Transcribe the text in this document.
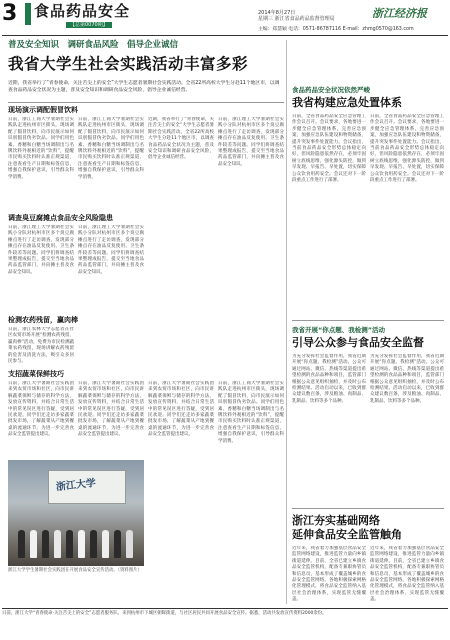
3	食品药品安全
【总第0070期】
2014年8月27日
星期三 浙江省食品药品监督管理局	浙江经济报
主编：郑慧颖 电话：0571-86787116 E-mail：zhmg0570@163.com
普及安全知识　调研食品风险　倡导企业诚信
我省大学生社会实践活动丰富多彩
近期，我省举行了“青春使命，关注舌尖上的安全”大学生志愿者暑期社会实践活动。全省22所高校大学生分赴11个地区市，以调查食品药品安全状况为主题，普及安全知识和调研食品安全风险，倡导企业诚信经营。
现场演示调配假冒饮料
日前，浙江工商大学暑期社会实践队走进杭州市区街头，现场调配了假冒饮料，向市民演示如何识别假冒伪劣饮品。同学们用色素、香精和白糖当场调制出与名牌饮料外观相近的“饮料”，提醒市民购买饮料时认准正规渠道，注意查看生产日期和标签信息，增强自我保护意识，引导群众科学消费。
日前，浙江工商大学暑期社会实践队走进杭州市区街头，现场调配了假冒饮料，向市民演示如何识别假冒伪劣饮品。同学们用色素、香精和白糖当场调制出与名牌饮料外观相近的“饮料”，提醒市民购买饮料时认准正规渠道，注意查看生产日期和标签信息，增强自我保护意识，引导群众科学消费。
调查臭豆腐摊点食品安全风险隐患
日前，浙江理工大学暑期社会实践小分队对杭州市区多个臭豆腐摊点进行了走访调查，发现部分摊点存在油品反复使用、卫生条件较差等问题。同学们将调查结果整理成报告，提交至当地食品药品监管部门，并向摊主普及食品安全知识。
检测农药残留，赢肉棒
日前，浙江农林大学志愿者在社区农贸市场开展“检测农药残留，赢肉棒”活动，免费为市民检测蔬菜农药残留，现场讲解农药残留的危害及清洗方法，吸引众多居民参与。
支招蔬菜保鲜技巧
日前，浙江大学暑期社会实践团来到农贸市场和社区，向市民讲解蔬菜保鲜与储存的科学方法，发放宣传资料，并结合日常生活中的常见误区进行答疑，受到居民欢迎。同学们还走访多家蔬菜批发市场，了解蔬菜从产地到餐桌的流通环节，为进一步完善食品安全监管提出建议。
日前，浙江理工大学暑期社会实践小分队对杭州市区多个臭豆腐摊点进行了走访调查，发现部分摊点存在油品反复使用、卫生条件较差等问题。同学们将调查结果整理成报告，提交至当地食品药品监管部门，并向摊主普及食品安全知识。
日前，浙江大学暑期社会实践团来到农贸市场和社区，向市民讲解蔬菜保鲜与储存的科学方法，发放宣传资料，并结合日常生活中的常见误区进行答疑，受到居民欢迎。同学们还走访多家蔬菜批发市场，了解蔬菜从产地到餐桌的流通环节，为进一步完善食品安全监管提出建议。
近期，我省举行了“青春使命，关注舌尖上的安全”大学生志愿者暑期社会实践活动。全省22所高校大学生分赴11个地区市，以调查食品药品安全状况为主题，普及安全知识和调研食品安全风险，倡导企业诚信经营。
日前，浙江理工大学暑期社会实践小分队对杭州市区多个臭豆腐摊点进行了走访调查，发现部分摊点存在油品反复使用、卫生条件较差等问题。同学们将调查结果整理成报告，提交至当地食品药品监管部门，并向摊主普及食品安全知识。
日前，浙江大学暑期社会实践团来到农贸市场和社区，向市民讲解蔬菜保鲜与储存的科学方法，发放宣传资料，并结合日常生活中的常见误区进行答疑，受到居民欢迎。同学们还走访多家蔬菜批发市场，了解蔬菜从产地到餐桌的流通环节，为进一步完善食品安全监管提出建议。
日前，浙江工商大学暑期社会实践队走进杭州市区街头，现场调配了假冒饮料，向市民演示如何识别假冒伪劣饮品。同学们用色素、香精和白糖当场调制出与名牌饮料外观相近的“饮料”，提醒市民购买饮料时认准正规渠道，注意查看生产日期和标签信息，增强自我保护意识，引导群众科学消费。
浙江大学
浙江大学学生暑期社会实践团在开展食品安全宣传活动。（资料图片）
食品药品安全状况依然严峻
我省构建应急处置体系
日前，全省食品药品安全应急管理工作会议召开。会议要求，各地要进一步健全应急管理体系，完善应急预案，加强应急队伍建设和物资储备，提升突发事件处置能力。会议指出，当前食品药品安全形势总体稳定向好，但风险隐患依然存在，必须牢固树立底线思维，强化源头防控，做到早发现、早报告、早处置，切实保障公众饮食用药安全。会议还对下一阶段重点工作进行了部署。
日前，全省食品药品安全应急管理工作会议召开。会议要求，各地要进一步健全应急管理体系，完善应急预案，加强应急队伍建设和物资储备，提升突发事件处置能力。会议指出，当前食品药品安全形势总体稳定向好，但风险隐患依然存在，必须牢固树立底线思维，强化源头防控，做到早发现、早报告、早处置，切实保障公众饮食用药安全。会议还对下一阶段重点工作进行了部署。
我省开展“你点题、我检测”活动
引导公众参与食品安全监督
为充分发挥社会监督作用，我省近期开展“你点题、我检测”活动。公众可通过网站、微信、热线等渠道提出希望检测的食品品种和项目，监管部门根据公众意见组织抽检，并及时公布检测结果。活动启动以来，已收到群众建议数百条，涉及粮油、肉制品、乳制品、饮料等多个品种。
为充分发挥社会监督作用，我省近期开展“你点题、我检测”活动。公众可通过网站、微信、热线等渠道提出希望检测的食品品种和项目，监管部门根据公众意见组织抽检，并及时公布检测结果。活动启动以来，已收到群众建议数百条，涉及粮油、肉制品、乳制品、饮料等多个品种。
浙江夯实基础网络
延伸食品安全监管触角
近年来，我省着力加强基层食品安全监管网络建设，推进监管力量向乡镇街道延伸。目前，全省已建立乡镇食品安全监管机构，配备专兼职协管员和信息员，基本形成了覆盖城乡的食品安全监管网络。各地积极探索网格化管理模式，将食品安全监管纳入基层社会治理体系，实现监管无缝覆盖。
近年来，我省着力加强基层食品安全监管网络建设，推进监管力量向乡镇街道延伸。目前，全省已建立乡镇食品安全监管机构，配备专兼职协管员和信息员，基本形成了覆盖城乡的食品安全监管网络。各地积极探索网格化管理模式，将食品安全监管纳入基层社会治理体系，实现监管无缝覆盖。
日前，浙江大学“青春使命·关注舌尖上的安全”志愿者服务队，来到杭州市下城区朝晖街道，与社区居民共同开展食品安全宣传。据悉，活动共发放宣传资料2000余份。
